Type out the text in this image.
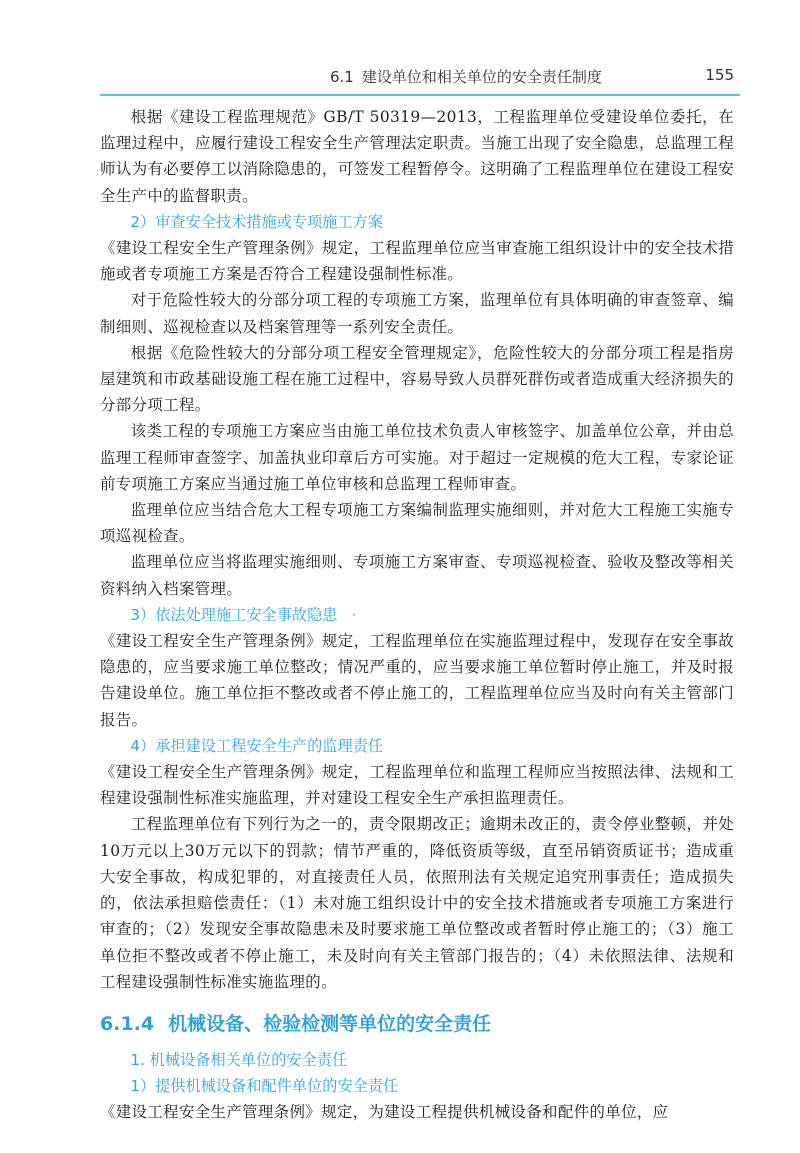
6.1 建设单位和相关单位的安全责任制度	155

根据《建设工程监理规范》GB/T 50319—2013，工程监理单位受建设单位委托，在监理过程中，应履行建设工程安全生产管理法定职责。当施工出现了安全隐患，总监理工程师认为有必要停工以消除隐患的，可签发工程暂停令。这明确了工程监理单位在建设工程安全生产中的监督职责。

2）审查安全技术措施或专项施工方案

《建设工程安全生产管理条例》规定，工程监理单位应当审查施工组织设计中的安全技术措施或者专项施工方案是否符合工程建设强制性标准。

对于危险性较大的分部分项工程的专项施工方案，监理单位有具体明确的审查签章、编制细则、巡视检查以及档案管理等一系列安全责任。

根据《危险性较大的分部分项工程安全管理规定》，危险性较大的分部分项工程是指房屋建筑和市政基础设施工程在施工过程中，容易导致人员群死群伤或者造成重大经济损失的分部分项工程。

该类工程的专项施工方案应当由施工单位技术负责人审核签字、加盖单位公章，并由总监理工程师审查签字、加盖执业印章后方可实施。对于超过一定规模的危大工程，专家论证前专项施工方案应当通过施工单位审核和总监理工程师审查。

监理单位应当结合危大工程专项施工方案编制监理实施细则，并对危大工程施工实施专项巡视检查。

监理单位应当将监理实施细则、专项施工方案审查、专项巡视检查、验收及整改等相关资料纳入档案管理。

3）依法处理施工安全事故隐患 ·

《建设工程安全生产管理条例》规定，工程监理单位在实施监理过程中，发现存在安全事故隐患的，应当要求施工单位整改；情况严重的，应当要求施工单位暂时停止施工，并及时报告建设单位。施工单位拒不整改或者不停止施工的，工程监理单位应当及时向有关主管部门报告。

4）承担建设工程安全生产的监理责任

《建设工程安全生产管理条例》规定，工程监理单位和监理工程师应当按照法律、法规和工程建设强制性标准实施监理，并对建设工程安全生产承担监理责任。

工程监理单位有下列行为之一的，责令限期改正；逾期未改正的，责令停业整顿，并处10万元以上30万元以下的罚款；情节严重的，降低资质等级，直至吊销资质证书；造成重大安全事故，构成犯罪的，对直接责任人员，依照刑法有关规定追究刑事责任；造成损失的，依法承担赔偿责任：（1）未对施工组织设计中的安全技术措施或者专项施工方案进行审查的；（2）发现安全事故隐患未及时要求施工单位整改或者暂时停止施工的；（3）施工单位拒不整改或者不停止施工，未及时向有关主管部门报告的；（4）未依照法律、法规和工程建设强制性标准实施监理的。

6.1.4 机械设备、检验检测等单位的安全责任

1. 机械设备相关单位的安全责任

1）提供机械设备和配件单位的安全责任

《建设工程安全生产管理条例》规定，为建设工程提供机械设备和配件的单位，应
